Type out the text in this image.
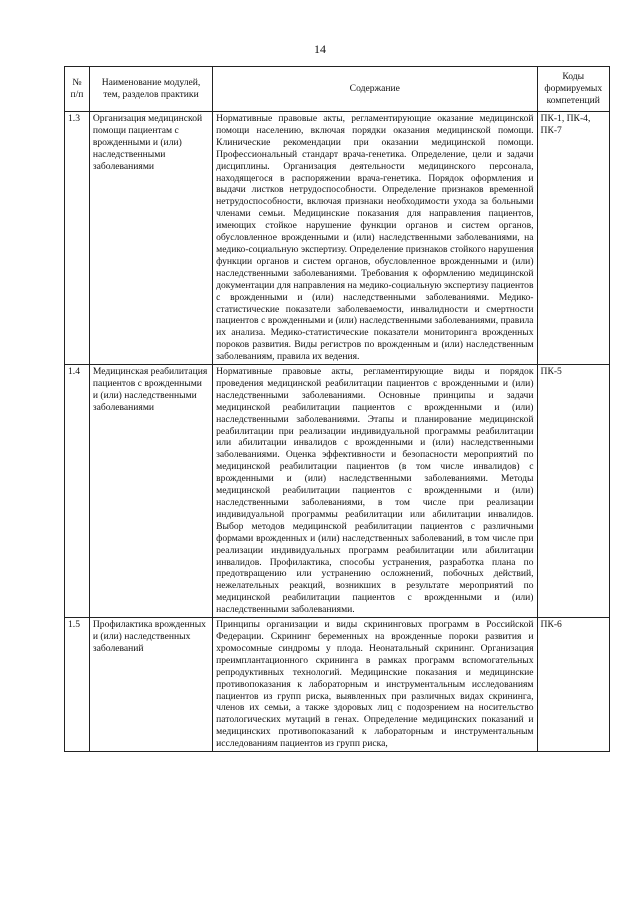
14
№ п/п	Наименование модулей, тем, разделов практики	Содержание	Коды формируемых компетенций
1.3	Организация медицинской помощи пациентам с врожденными и (или) наследственными заболеваниями	Нормативные правовые акты, регламентирующие оказание медицинской помощи населению, включая порядки оказания медицинской помощи. Клинические рекомендации при оказании медицинской помощи. Профессиональный стандарт врача-генетика. Определение, цели и задачи дисциплины. Организация деятельности медицинского персонала, находящегося в распоряжении врача-генетика. Порядок оформления и выдачи листков нетрудоспособности. Определение признаков временной нетрудоспособности, включая признаки необходимости ухода за больными членами семьи. Медицинские показания для направления пациентов, имеющих стойкое нарушение функции органов и систем органов, обусловленное врожденными и (или) наследственными заболеваниями, на медико-социальную экспертизу. Определение признаков стойкого нарушения функции органов и систем органов, обусловленное врожденными и (или) наследственными заболеваниями. Требования к оформлению медицинской документации для направления на медико-социальную экспертизу пациентов с врожденными и (или) наследственными заболеваниями. Медико-статистические показатели заболеваемости, инвалидности и смертности пациентов с врожденными и (или) наследственными заболеваниями, правила их анализа. Медико-статистические показатели мониторинга врожденных пороков развития. Виды регистров по врожденным и (или) наследственным заболеваниям, правила их ведения.	ПК-1, ПК-4, ПК-7
1.4	Медицинская реабилитация пациентов с врожденными и (или) наследственными заболеваниями	Нормативные правовые акты, регламентирующие виды и порядок проведения медицинской реабилитации пациентов с врожденными и (или) наследственными заболеваниями. Основные принципы и задачи медицинской реабилитации пациентов с врожденными и (или) наследственными заболеваниями. Этапы и планирование медицинской реабилитации при реализации индивидуальной программы реабилитации или абилитации инвалидов с врожденными и (или) наследственными заболеваниями. Оценка эффективности и безопасности мероприятий по медицинской реабилитации пациентов (в том числе инвалидов) с врожденными и (или) наследственными заболеваниями. Методы медицинской реабилитации пациентов с врожденными и (или) наследственными заболеваниями, в том числе при реализации индивидуальной программы реабилитации или абилитации инвалидов. Выбор методов медицинской реабилитации пациентов с различными формами врожденных и (или) наследственных заболеваний, в том числе при реализации индивидуальных программ реабилитации или абилитации инвалидов. Профилактика, способы устранения, разработка плана по предотвращению или устранению осложнений, побочных действий, нежелательных реакций, возникших в результате мероприятий по медицинской реабилитации пациентов с врожденными и (или) наследственными заболеваниями.	ПК-5
1.5	Профилактика врожденных и (или) наследственных заболеваний	Принципы организации и виды скрининговых программ в Российской Федерации. Скрининг беременных на врожденные пороки развития и хромосомные синдромы у плода. Неонатальный скрининг. Организация преимплантационного скрининга в рамках программ вспомогательных репродуктивных технологий. Медицинские показания и медицинские противопоказания к лабораторным и инструментальным исследованиям пациентов из групп риска, выявленных при различных видах скрининга, членов их семьи, а также здоровых лиц с подозрением на носительство патологических мутаций в генах. Определение медицинских показаний и медицинских противопоказаний к лабораторным и инструментальным исследованиям пациентов из групп риска,	ПК-6
